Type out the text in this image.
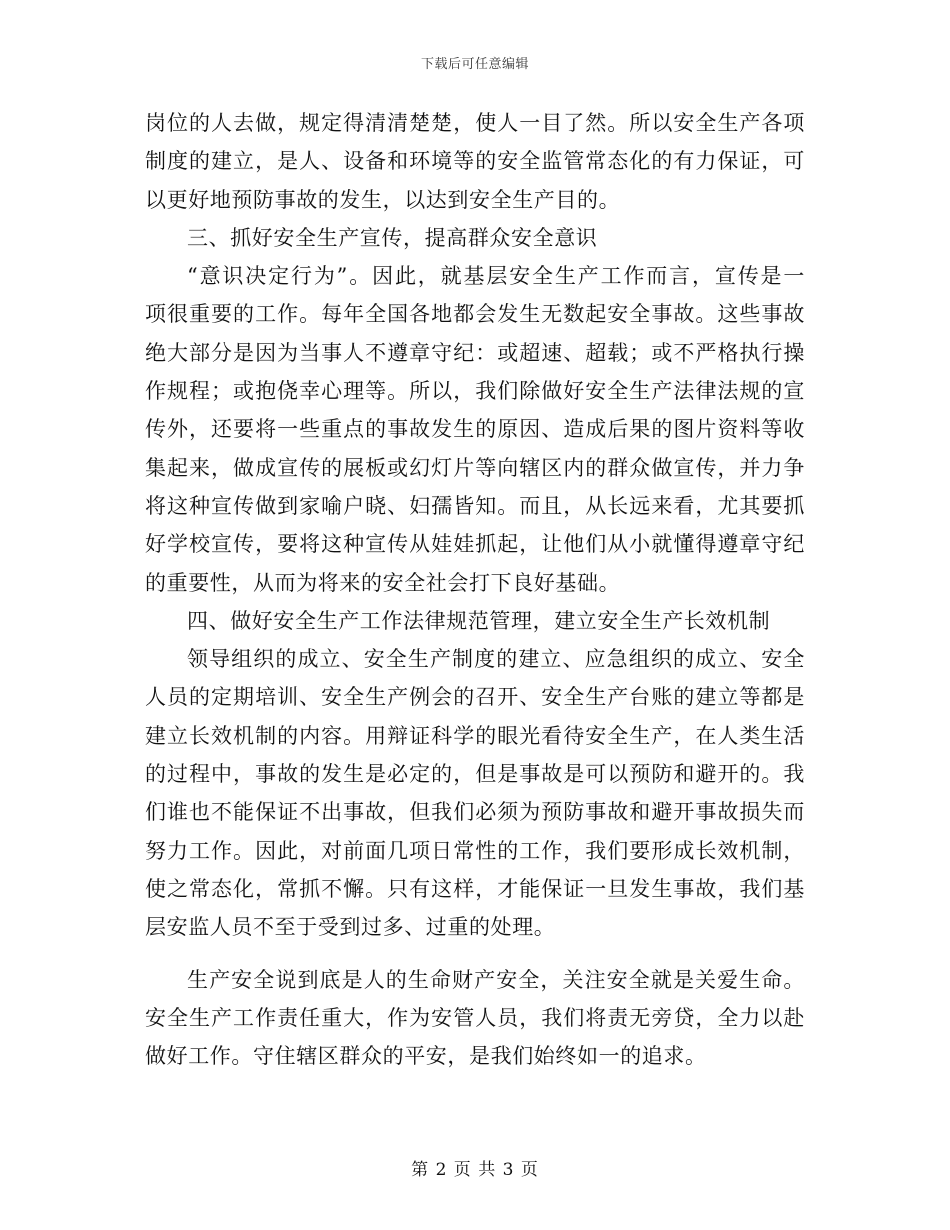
下载后可任意编辑
岗位的人去做，规定得清清楚楚，使人一目了然。所以安全生产各项
制度的建立，是人、设备和环境等的安全监管常态化的有力保证，可
以更好地预防事故的发生，以达到安全生产目的。
三、抓好安全生产宣传，提高群众安全意识
“意识决定行为”。因此，就基层安全生产工作而言，宣传是一
项很重要的工作。每年全国各地都会发生无数起安全事故。这些事故
绝大部分是因为当事人不遵章守纪：或超速、超载；或不严格执行操
作规程；或抱侥幸心理等。所以，我们除做好安全生产法律法规的宣
传外，还要将一些重点的事故发生的原因、造成后果的图片资料等收
集起来，做成宣传的展板或幻灯片等向辖区内的群众做宣传，并力争
将这种宣传做到家喻户晓、妇孺皆知。而且，从长远来看，尤其要抓
好学校宣传，要将这种宣传从娃娃抓起，让他们从小就懂得遵章守纪
的重要性，从而为将来的安全社会打下良好基础。
四、做好安全生产工作法律规范管理，建立安全生产长效机制
领导组织的成立、安全生产制度的建立、应急组织的成立、安全
人员的定期培训、安全生产例会的召开、安全生产台账的建立等都是
建立长效机制的内容。用辩证科学的眼光看待安全生产，在人类生活
的过程中，事故的发生是必定的，但是事故是可以预防和避开的。我
们谁也不能保证不出事故，但我们必须为预防事故和避开事故损失而
努力工作。因此，对前面几项日常性的工作，我们要形成长效机制，
使之常态化，常抓不懈。只有这样，才能保证一旦发生事故，我们基
层安监人员不至于受到过多、过重的处理。
生产安全说到底是人的生命财产安全，关注安全就是关爱生命。
安全生产工作责任重大，作为安管人员，我们将责无旁贷，全力以赴
做好工作。守住辖区群众的平安，是我们始终如一的追求。
第 2 页 共 3 页
